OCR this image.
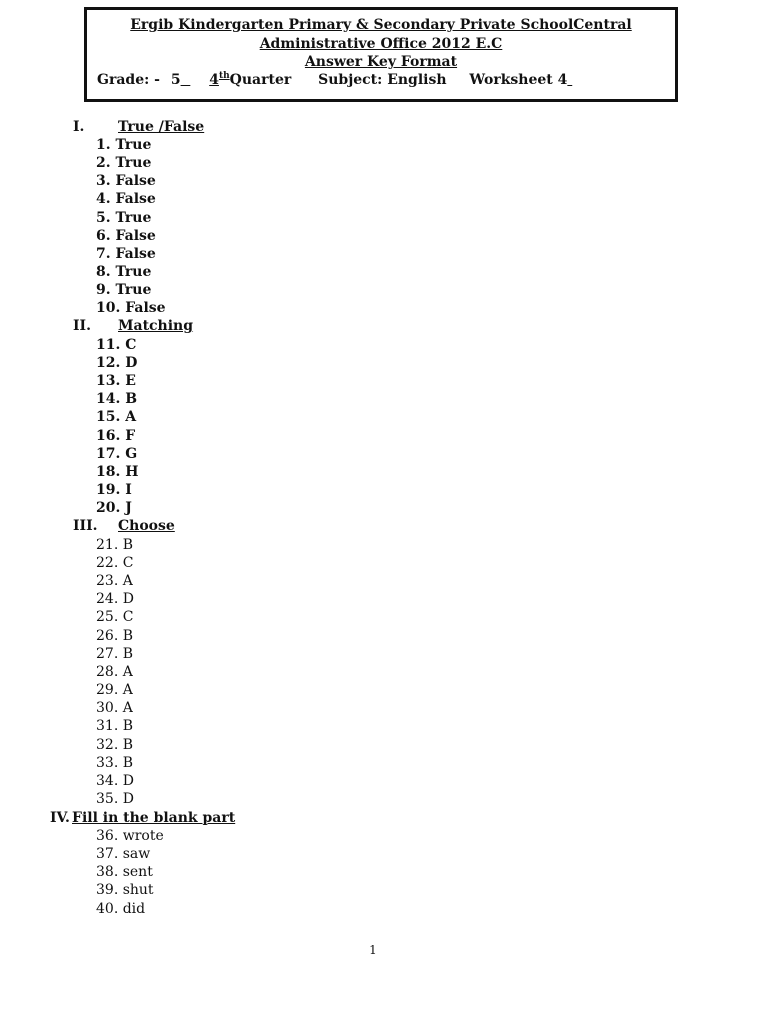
Ergib Kindergarten Primary & Secondary Private SchoolCentral
Administrative Office 2012 E.C
Answer Key Format
Grade: - 5 4thQuarter Subject: English Worksheet 4
I. True /False
II. Matching
III. Choose
IV. Fill in the blank part
1. True
2. True
3. False
4. False
5. True
6. False
7. False
8. True
9. True
10. False
11. C
12. D
13. E
14. B
15. A
16. F
17. G
18. H
19. I
20. J
21. B
22. C
23. A
24. D
25. C
26. B
27. B
28. A
29. A
30. A
31. B
32. B
33. B
34. D
35. D
36. wrote
37. saw
38. sent
39. shut
40. did
1
